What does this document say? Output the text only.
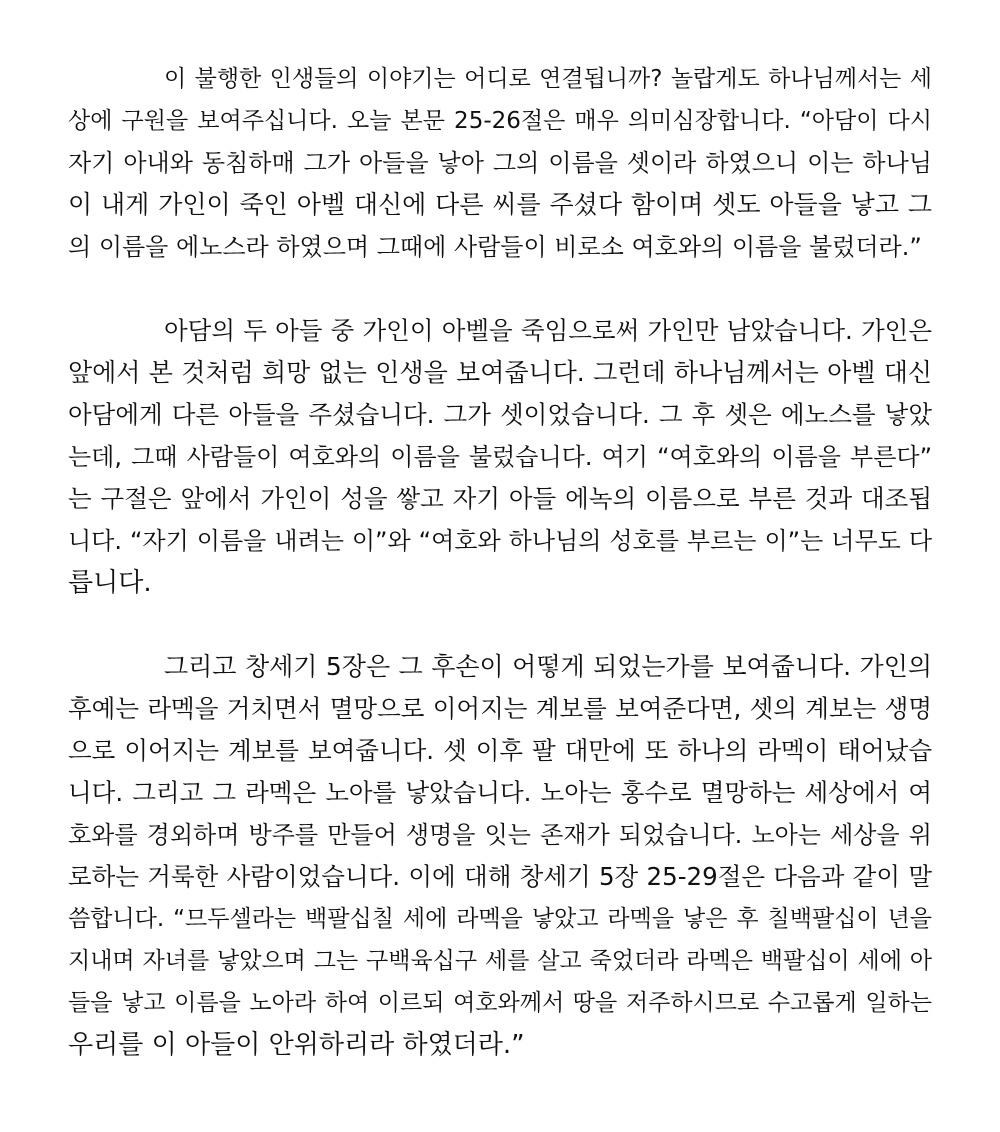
이 불행한 인생들의 이야기는 어디로 연결됩니까? 놀랍게도 하나님께서는 세
상에 구원을 보여주십니다. 오늘 본문 25-26절은 매우 의미심장합니다. “아담이 다시
자기 아내와 동침하매 그가 아들을 낳아 그의 이름을 셋이라 하였으니 이는 하나님
이 내게 가인이 죽인 아벨 대신에 다른 씨를 주셨다 함이며 셋도 아들을 낳고 그
의 이름을 에노스라 하였으며 그때에 사람들이 비로소 여호와의 이름을 불렀더라.”
아담의 두 아들 중 가인이 아벨을 죽임으로써 가인만 남았습니다. 가인은
앞에서 본 것처럼 희망 없는 인생을 보여줍니다. 그런데 하나님께서는 아벨 대신
아담에게 다른 아들을 주셨습니다. 그가 셋이었습니다. 그 후 셋은 에노스를 낳았
는데, 그때 사람들이 여호와의 이름을 불렀습니다. 여기 “여호와의 이름을 부른다”
는 구절은 앞에서 가인이 성을 쌓고 자기 아들 에녹의 이름으로 부른 것과 대조됩
니다. “자기 이름을 내려는 이”와 “여호와 하나님의 성호를 부르는 이”는 너무도 다
릅니다.
그리고 창세기 5장은 그 후손이 어떻게 되었는가를 보여줍니다. 가인의
후예는 라멕을 거치면서 멸망으로 이어지는 계보를 보여준다면, 셋의 계보는 생명
으로 이어지는 계보를 보여줍니다. 셋 이후 팔 대만에 또 하나의 라멕이 태어났습
니다. 그리고 그 라멕은 노아를 낳았습니다. 노아는 홍수로 멸망하는 세상에서 여
호와를 경외하며 방주를 만들어 생명을 잇는 존재가 되었습니다. 노아는 세상을 위
로하는 거룩한 사람이었습니다. 이에 대해 창세기 5장 25-29절은 다음과 같이 말
씀합니다. “므두셀라는 백팔십칠 세에 라멕을 낳았고 라멕을 낳은 후 칠백팔십이 년을
지내며 자녀를 낳았으며 그는 구백육십구 세를 살고 죽었더라 라멕은 백팔십이 세에 아
들을 낳고 이름을 노아라 하여 이르되 여호와께서 땅을 저주하시므로 수고롭게 일하는
우리를 이 아들이 안위하리라 하였더라.”
